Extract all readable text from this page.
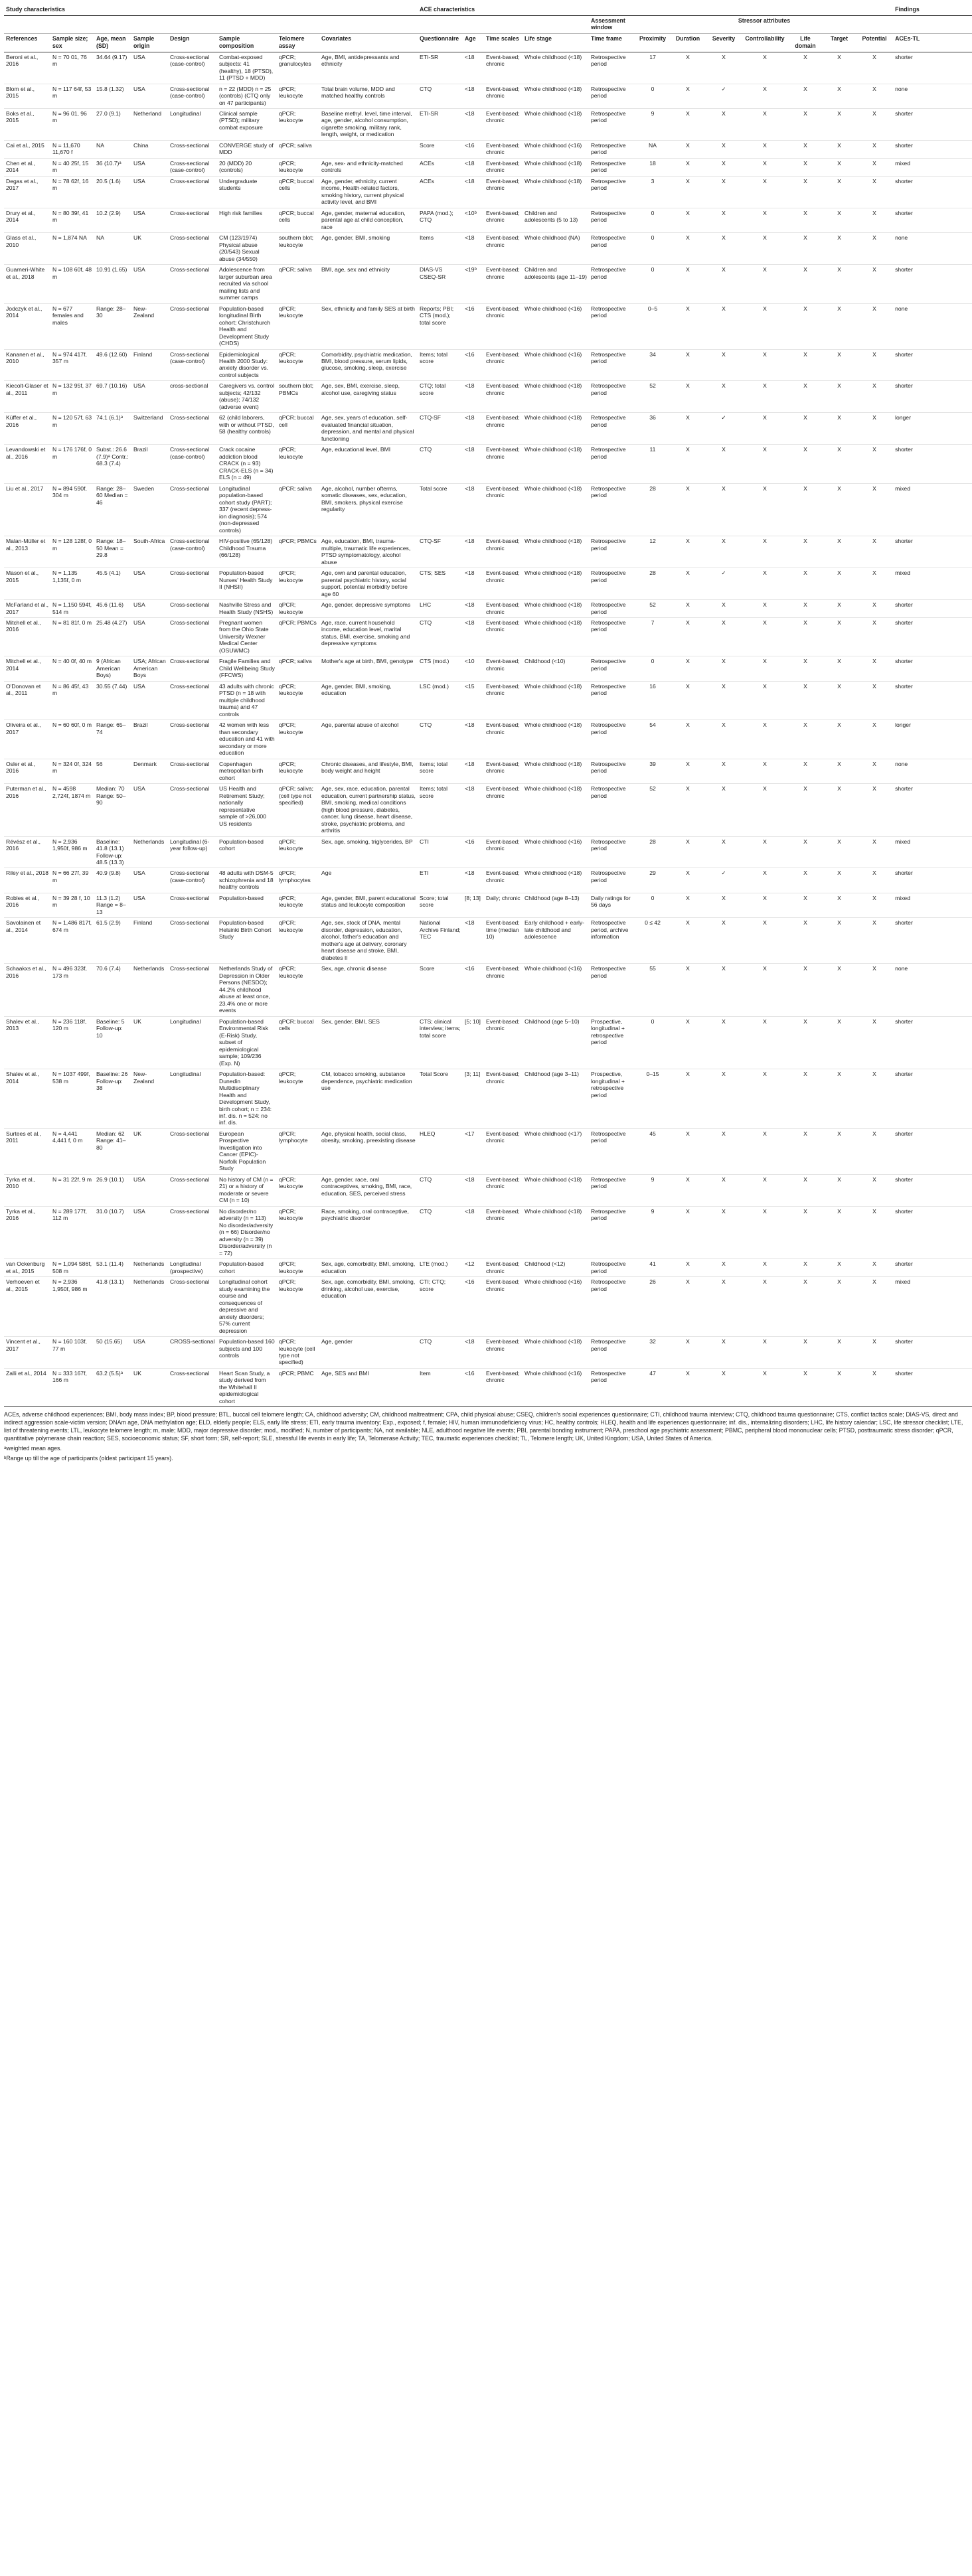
Study characteristics								ACE characteristics												Findings
												Assessment window	Stressor attributes							
References	Sample size; sex	Age, mean (SD)	Sample origin	Design	Sample composition	Telomere assay	Covariates	Questionnaire	Age	Time scales	Life stage	Time frame	Proximity	Duration	Severity	Controllability	Life domain	Target	Potential	ACEs-TL
Beroni et al., 2016	N = 70 01, 76 m	34.64 (9.17)	USA	Cross-sectional (case-control)	Combat-exposed subjects: 41 (healthy), 18 (PTSD), 11 (PTSD + MDD)	qPCR; granulocytes	Age, BMI, antidepressants and ethnicity	ETI-SR	<18	Event-based; chronic	Whole childhood (<18)	Retrospective period	17	X	X	X	X	X	X	shorter
Blom et al., 2015	N = 117 64f, 53 m	15.8 (1.32)	USA	Cross-sectional (case-control)	n = 22 (MDD) n = 25 (controls) (CTQ only on 47 participants)	qPCR; leukocyte	Total brain volume, MDD and matched healthy controls	CTQ	<18	Event-based; chronic	Whole childhood (<18)	Retrospective period	0	X	✓	X	X	X	X	none
Boks et al., 2015	N = 96 01, 96 m	27.0 (9.1)	Netherland	Longitudinal	Clinical sample (PTSD); military combat exposure	qPCR; leukocyte	Baseline methyl. level, time interval, age, gender, alcohol consumption, cigarette smoking, military rank, length, weight, or medication	ETI-SR	<18	Event-based; chronic	Whole childhood (<18)	Retrospective period	9	X	X	X	X	X	X	shorter
Cai et al., 2015	N = 11,670 11,670 f	NA	China	Cross-sectional	CONVERGE study of MDD	qPCR; saliva		Score	<16	Event-based; chronic	Whole childhood (<16)	Retrospective period	NA	X	X	X	X	X	X	shorter
Chen et al., 2014	N = 40 25f, 15 m	36 (10.7)ᵃ	USA	Cross-sectional (case-control)	20 (MDD) 20 (controls)	qPCR; leukocyte	Age, sex- and ethnicity-matched controls	ACEs	<18	Event-based; chronic	Whole childhood (<18)	Retrospective period	18	X	X	X	X	X	X	mixed
Degas et al., 2017	N = 78 62f, 16 m	20.5 (1.6)	USA	Cross-sectional	Undergraduate students	qPCR; buccal cells	Age, gender, ethnicity, current income, Health-related factors, smoking history, current physical activity level, and BMI	ACEs	<18	Event-based; chronic	Whole childhood (<18)	Retrospective period	3	X	X	X	X	X	X	shorter
Drury et al., 2014	N = 80 39f, 41 m	10.2 (2.9)	USA	Cross-sectional	High risk families	qPCR; buccal cells	Age, gender, maternal education, parental age at child conception, race	PAPA (mod.); CTQ	<10ᵇ	Event-based; chronic	Children and adolescents (5 to 13)	Retrospective period	0	X	X	X	X	X	X	shorter
Glass et al., 2010	N = 1,874 NA	NA	UK	Cross-sectional	CM (123/1974) Physical abuse (20/543) Sexual abuse (34/550)	southern blot; leukocyte	Age, gender, BMI, smoking	Items	<18	Event-based; chronic	Whole childhood (NA)	Retrospective period	0	X	X	X	X	X	X	none
Guarneri-White et al., 2018	N = 108 60f, 48 m	10.91 (1.65)	USA	Cross-sectional	Adolescence from larger suburban area recruited via school mailing lists and summer camps	qPCR; saliva	BMI, age, sex and ethnicity	DIAS-VS CSEQ-SR	<19ᵇ	Event-based; chronic	Children and adolescents (age 11–19)	Retrospective period	0	X	X	X	X	X	X	shorter
Jodczyk et al., 2014	N = 677 females and males	Range: 28–30	New-Zealand	Cross-sectional	Population-based longitudinal Birth cohort; Christchurch Health and Development Study (CHDS)	qPCR; leukocyte	Sex, ethnicity and family SES at birth	Reports; PBI; CTS (mod.); total score	<16	Event-based; chronic	Whole childhood (<16)	Retrospective period	0–5	X	X	X	X	X	X	none
Kananen et al., 2010	N = 974 417f, 357 m	49.6 (12.60)	Finland	Cross-sectional (case-control)	Epidemiological Health 2000 Study: anxiety disorder vs. control subjects	qPCR; leukocyte	Comorbidity, psychiatric medication, BMI, blood pressure, serum lipids, glucose, smoking, sleep, exercise	Items; total score	<16	Event-based; chronic	Whole childhood (<16)	Retrospective period	34	X	X	X	X	X	X	shorter
Kiecolt-Glaser et al., 2011	N = 132 95f, 37 m	69.7 (10.16)	USA	cross-sectional	Caregivers vs. control subjects; 42/132 (abuse); 74/132 (adverse event)	southern blot; PBMCs	Age, sex, BMI, exercise, sleep, alcohol use, caregiving status	CTQ; total score	<18	Event-based; chronic	Whole childhood (<18)	Retrospective period	52	X	X	X	X	X	X	shorter
Küffer et al., 2016	N = 120 57f, 63 m	74.1 (6.1)ᵃ	Switzerland	Cross-sectional	62 (child laborers, with or without PTSD, 58 (healthy controls)	qPCR; buccal cell	Age, sex, years of education, self-evaluated financial situation, depression, and mental and physical functioning	CTQ-SF	<18	Event-based; chronic	Whole childhood (<18)	Retrospective period	36	X	✓	X	X	X	X	longer
Levandowski et al., 2016	N = 176 176f, 0 m	Subst.: 26.6 (7.9)ᵃ Contr.: 68.3 (7.4)	Brazil	Cross-sectional (case-control)	Crack cocaine addiction blood CRACK (n = 93) CRACK-ELS (n = 34) ELS (n = 49)	qPCR; leukocyte	Age, educational level, BMI	CTQ	<18	Event-based; chronic	Whole childhood (<18)	Retrospective period	11	X	X	X	X	X	X	shorter
Liu et al., 2017	N = 894 590f, 304 m	Range: 28–60 Median = 46	Sweden	Cross-sectional	Longitudinal population-based cohort study (PART); 337 (recent depress-ion diagnosis); 574 (non-depressed controls)	qPCR; saliva	Age, alcohol, number ofterms, somatic diseases, sex, education, BMI, smokers, physical exercise regularity	Total score	<18	Event-based; chronic	Whole childhood (<18)	Retrospective period	28	X	X	X	X	X	X	mixed
Malan-Müller et al., 2013	N = 128 128f, 0 m	Range: 18–50 Mean = 29.8	South-Africa	Cross-sectional (case-control)	HIV-positive (65/128) Childhood Trauma (66/128)	qPCR; PBMCs	Age, education, BMI, trauma-multiple, traumatic life experiences, PTSD symptomatology, alcohol abuse	CTQ-SF	<18	Event-based; chronic	Whole childhood (<18)	Retrospective period	12	X	X	X	X	X	X	shorter
Mason et al., 2015	N = 1,135 1,135f, 0 m	45.5 (4.1)	USA	Cross-sectional	Population-based Nurses' Health Study II (NHSII)	qPCR; leukocyte	Age, own and parental education, parental psychiatric history, social support, potential morbidity before age 60	CTS; SES	<18	Event-based; chronic	Whole childhood (<18)	Retrospective period	28	X	✓	X	X	X	X	mixed
McFarland et al., 2017	N = 1,150 594f, 514 m	45.6 (11.6)	USA	Cross-sectional	Nashville Stress and Health Study (NSHS)	qPCR; leukocyte	Age, gender, depressive symptoms	LHC	<18	Event-based; chronic	Whole childhood (<18)	Retrospective period	52	X	X	X	X	X	X	shorter
Mitchell et al., 2016	N = 81 81f, 0 m	25.48 (4.27)	USA	Cross-sectional	Pregnant women from the Ohio State University Wexner Medical Center (OSUWMC)	qPCR; PBMCs	Age, race, current household income, education level, marital status, BMI, exercise, smoking and depressive symptoms	CTQ	<18	Event-based; chronic	Whole childhood (<18)	Retrospective period	7	X	X	X	X	X	X	shorter
Mitchell et al., 2014	N = 40 0f, 40 m	9 (African American Boys)	USA; African American Boys	Cross-sectional	Fragile Families and Child Wellbeing Study (FFCWS)	qPCR; saliva	Mother's age at birth, BMI, genotype	CTS (mod.)	<10	Event-based; chronic	Childhood (<10)	Retrospective period	0	X	X	X	X	X	X	shorter
O'Donovan et al., 2011	N = 86 45f, 43 m	30.55 (7.44)	USA	Cross-sectional	43 adults with chronic PTSD (n = 18 with multiple childhood trauma) and 47 controls	qPCR; leukocyte	Age, gender, BMI, smoking, education	LSC (mod.)	<15	Event-based; chronic	Whole childhood (<18)	Retrospective period	16	X	X	X	X	X	X	shorter
Oliveira et al., 2017	N = 60 60f, 0 m	Range: 65–74	Brazil	Cross-sectional	42 women with less than secondary education and 41 with secondary or more education	qPCR; leukocyte	Age, parental abuse of alcohol	CTQ	<18	Event-based; chronic	Whole childhood (<18)	Retrospective period	54	X	X	X	X	X	X	longer
Osler et al., 2016	N = 324 0f, 324 m	56	Denmark	Cross-sectional	Copenhagen metropolitan birth cohort	qPCR; leukocyte	Chronic diseases, and lifestyle, BMI, body weight and height	Items; total score	<18	Event-based; chronic	Whole childhood (<18)	Retrospective period	39	X	X	X	X	X	X	none
Puterman et al., 2016	N = 4598 2,724f, 1874 m	Median: 70 Range: 50–90	USA	Cross-sectional	US Health and Retirement Study; nationally representative sample of >26,000 US residents	qPCR; saliva; (cell type not specified)	Age, sex, race, education, parental education, current partnership status, BMI, smoking, medical conditions (high blood pressure, diabetes, cancer, lung disease, heart disease, stroke, psychiatric problems, and arthritis	Items; total score	<18	Event-based; chronic	Whole childhood (<18)	Retrospective period	52	X	X	X	X	X	X	shorter
Révész et al., 2016	N = 2,936 1,950f, 986 m	Baseline: 41.8 (13.1) Follow-up: 48.5 (13.3)	Netherlands	Longitudinal (6-year follow-up)	Population-based cohort	qPCR; leukocyte	Sex, age, smoking, triglycerides, BP	CTI	<16	Event-based; chronic	Whole childhood (<16)	Retrospective period	28	X	X	X	X	X	X	mixed
Riley et al., 2018	N = 66 27f, 39 m	40.9 (9.8)	USA	Cross-sectional (case-control)	48 adults with DSM-5 schizophrenia and 18 healthy controls	qPCR; lymphocytes	Age	ETI	<18	Event-based; chronic	Whole childhood (<18)	Retrospective period	29	X	✓	X	X	X	X	shorter
Robles et al., 2016	N = 39 28 f, 10 m	11.3 (1.2) Range = 8–13	USA	Cross-sectional	Population-based	qPCR; leukocyte	Age, gender, BMI, parent educational status and leukocyte composition	Score; total score	[8; 13]	Daily; chronic	Childhood (age 8–13)	Daily ratings for 56 days	0	X	X	X	X	X	X	mixed
Savolainen et al., 2014	N = 1,486 817f, 674 m	61.5 (2.9)	Finland	Cross-sectional	Population-based Helsinki Birth Cohort Study	qPCR; leukocyte	Age, sex, stock of DNA, mental disorder, depression, education, alcohol, father's education and mother's age at delivery, coronary heart disease and stroke, BMI, diabetes II	National Archive Finland; TEC	<18	Event-based; time (median 10)	Early childhood + early-late childhood and adolescence	Retrospective period, archive information	0 ≤ 42	X	X	X	X	X	X	shorter
Schaakxs et al., 2016	N = 496 323f, 173 m	70.6 (7.4)	Netherlands	Cross-sectional	Netherlands Study of Depression in Older Persons (NESDO); 44.2% childhood abuse at least once, 23.4% one or more events	qPCR; leukocyte	Sex, age, chronic disease	Score	<16	Event-based; chronic	Whole childhood (<16)	Retrospective period	55	X	X	X	X	X	X	none
Shalev et al., 2013	N = 236 118f, 120 m	Baseline: 5 Follow-up: 10	UK	Longitudinal	Population-based Environmental Risk (E-Risk) Study, subset of epidemiological sample; 109/236 (Exp. N)	qPCR; buccal cells	Sex, gender, BMI, SES	CTS; clinical interview; items; total score	[5; 10]	Event-based; chronic	Childhood (age 5–10)	Prospective, longitudinal + retrospective period	0	X	X	X	X	X	X	shorter
Shalev et al., 2014	N = 1037 499f, 538 m	Baseline: 26 Follow-up: 38	New-Zealand	Longitudinal	Population-based: Dunedin Multidisciplinary Health and Development Study, birth cohort; n = 234: inf. dis. n = 524: no inf. dis.	qPCR; leukocyte	CM, tobacco smoking, substance dependence, psychiatric medication use	Total Score	[3; 11]	Event-based; chronic	Childhood (age 3–11)	Prospective, longitudinal + retrospective period	0–15	X	X	X	X	X	X	shorter
Surtees et al., 2011	N = 4,441 4,441 f, 0 m	Median: 62 Range: 41–80	UK	Cross-sectional	European Prospective Investigation into Cancer (EPIC)-Norfolk Population Study	qPCR; lymphocyte	Age, physical health, social class, obesity, smoking, preexisting disease	HLEQ	<17	Event-based; chronic	Whole childhood (<17)	Retrospective period	45	X	X	X	X	X	X	shorter
Tyrka et al., 2010	N = 31 22f, 9 m	26.9 (10.1)	USA	Cross-sectional	No history of CM (n = 21) or a history of moderate or severe CM (n = 10)	qPCR; leukocyte	Age, gender, race, oral contraceptives, smoking, BMI, race, education, SES, perceived stress	CTQ	<18	Event-based; chronic	Whole childhood (<18)	Retrospective period	9	X	X	X	X	X	X	shorter
Tyrka et al., 2016	N = 289 177f, 112 m	31.0 (10.7)	USA	Cross-sectional	No disorder/no adversity (n = 113) No disorder/adversity (n = 66) Disorder/no adversity (n = 39) Disorder/adversity (n = 72)	qPCR; leukocyte	Race, smoking, oral contraceptive, psychiatric disorder	CTQ	<18	Event-based; chronic	Whole childhood (<18)	Retrospective period	9	X	X	X	X	X	X	shorter
van Ockenburg et al., 2015	N = 1,094 586f, 508 m	53.1 (11.4)	Netherlands	Longitudinal (prospective)	Population-based cohort	qPCR; leukocyte	Sex, age, comorbidity, BMI, smoking, education	LTE (mod.)	<12	Event-based; chronic	Childhood (<12)	Retrospective period	41	X	X	X	X	X	X	shorter
Verhoeven et al., 2015	N = 2,936 1,950f, 986 m	41.8 (13.1)	Netherlands	Cross-sectional	Longitudinal cohort study examining the course and consequences of depressive and anxiety disorders; 57% current depression	qPCR; leukocyte	Sex, age, comorbidity, BMI, smoking, drinking, alcohol use, exercise, education	CTI; CTQ; score	<16	Event-based; chronic	Whole childhood (<16)	Retrospective period	26	X	X	X	X	X	X	mixed
Vincent et al., 2017	N = 160 103f, 77 m	50 (15.65)	USA	CROSS-sectional	Population-based 160 subjects and 100 controls	qPCR; leukocyte (cell type not specified)	Age, gender	CTQ	<18	Event-based; chronic	Whole childhood (<18)	Retrospective period	32	X	X	X	X	X	X	shorter
Zalli et al., 2014	N = 333 167f, 166 m	63.2 (5.5)ᵃ	UK	Cross-sectional	Heart Scan Study, a study derived from the Whitehall II epidemiological cohort	qPCR; PBMC	Age, SES and BMI	Item	<16	Event-based; chronic	Whole childhood (<16)	Retrospective period	47	X	X	X	X	X	X	shorter

ACEs, adverse childhood experiences; BMI, body mass index; BP, blood pressure; BTL, buccal cell telomere length; CA, childhood adversity; CM, childhood maltreatment; CPA, child physical abuse; CSEQ, children's social experiences questionnaire; CTI, childhood trauma interview; CTQ, childhood trauma questionnaire; CTS, conflict tactics scale; DIAS-VS, direct and indirect aggression scale-victim version; DNAm age, DNA methylation age; ELD, elderly people; ELS, early life stress; ETI, early trauma inventory; Exp., exposed; f, female; HIV, human immunodeficiency virus; HC, healthy controls; HLEQ, health and life experiences questionnaire; inf. dis., internalizing disorders; LHC, life history calendar; LSC, life stressor checklist; LTE, list of threatening events; LTL, leukocyte telomere length; m, male; MDD, major depressive disorder; mod., modified; N, number of participants; NA, not available; NLE, adulthood negative life events; PBI, parental bonding instrument; PAPA, preschool age psychiatric assessment; PBMC, peripheral blood mononuclear cells; PTSD, posttraumatic stress disorder; qPCR, quantitative polymerase chain reaction; SES, socioeconomic status; SF, short form; SR, self-report; SLE, stressful life events in early life; TA, Telomerase Activity; TEC, traumatic experiences checklist; TL, Telomere length; UK, United Kingdom; USA, United States of America.

ᵃweighted mean ages.

ᵇRange up till the age of participants (oldest participant 15 years).
